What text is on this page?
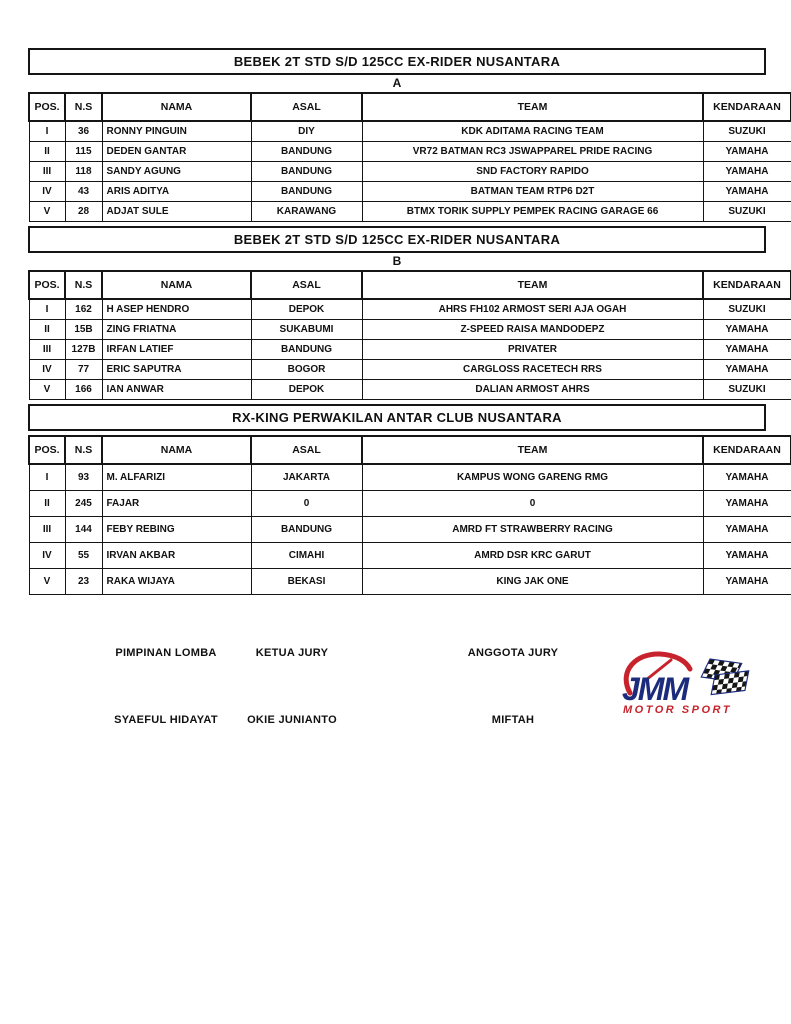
BEBEK 2T STD S/D 125CC EX-RIDER NUSANTARA
A
POS.	N.S	NAMA	ASAL	TEAM	KENDARAAN
I	36	RONNY PINGUIN	DIY	KDK ADITAMA RACING TEAM	SUZUKI
II	115	DEDEN GANTAR	BANDUNG	VR72 BATMAN RC3 JSWAPPAREL PRIDE RACING	YAMAHA
III	118	SANDY AGUNG	BANDUNG	SND FACTORY RAPIDO	YAMAHA
IV	43	ARIS ADITYA	BANDUNG	BATMAN TEAM RTP6 D2T	YAMAHA
V	28	ADJAT SULE	KARAWANG	BTMX TORIK SUPPLY PEMPEK RACING GARAGE 66	SUZUKI
BEBEK 2T STD S/D 125CC EX-RIDER NUSANTARA
B
POS.	N.S	NAMA	ASAL	TEAM	KENDARAAN
I	162	H ASEP HENDRO	DEPOK	AHRS FH102 ARMOST SERI AJA OGAH	SUZUKI
II	15B	ZING FRIATNA	SUKABUMI	Z-SPEED RAISA MANDODEPZ	YAMAHA
III	127B	IRFAN LATIEF	BANDUNG	PRIVATER	YAMAHA
IV	77	ERIC SAPUTRA	BOGOR	CARGLOSS RACETECH RRS	YAMAHA
V	166	IAN ANWAR	DEPOK	DALIAN ARMOST AHRS	SUZUKI
RX-KING PERWAKILAN ANTAR CLUB NUSANTARA
POS.	N.S	NAMA	ASAL	TEAM	KENDARAAN
I	93	M. ALFARIZI	JAKARTA	KAMPUS WONG GARENG RMG	YAMAHA
II	245	FAJAR	0	0	YAMAHA
III	144	FEBY REBING	BANDUNG	AMRD FT STRAWBERRY RACING	YAMAHA
IV	55	IRVAN AKBAR	CIMAHI	AMRD DSR KRC GARUT	YAMAHA
V	23	RAKA WIJAYA	BEKASI	KING JAK ONE	YAMAHA
PIMPINAN LOMBA	KETUA JURY	ANGGOTA JURY
SYAEFUL HIDAYAT	OKIE JUNIANTO	MIFTAH
JMM
MOTOR SPORT
